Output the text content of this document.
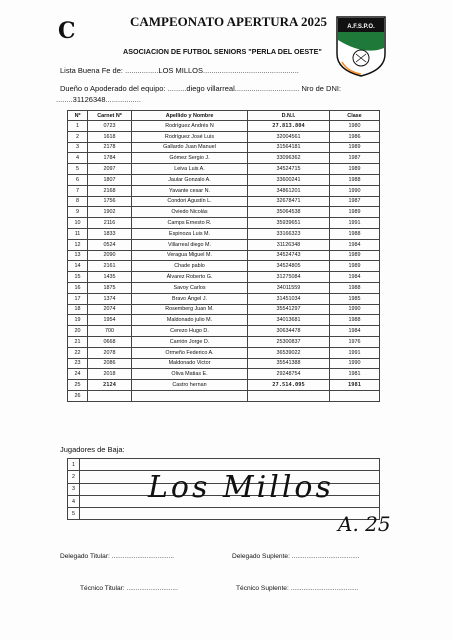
C	CAMPEONATO APERTURA 2025
ASOCIACION DE FUTBOL SENIORS "PERLA DEL OESTE"
A.F.S.P.O.
Lista Buena Fe de: ................LOS MILLOS..............................................
Dueño o Apoderado del equipo: .........diego villarreal............................... Nro de DNI:
........31126348.................
Nº	Carnet Nº	Apellido y Nombre	D.N.I.	Clase
1	0723	Rodríguez Andrés N	27.813.804	1980
2	1618	Rodríguez José Luis	32004561	1986
3	2178	Gallardo Juan Manuel	31564181	1989
4	1784	Gómez Sergio J.	33096362	1987
5	2097	Leiva Luis A.	34524715	1989
6	1807	Jaular Gonzalo A.	33600241	1988
7	2168	Yavante cesar N.	34861201	1990
8	1756	Condori Agustín L.	32678471	1987
9	1902	Oviedo Nicolás	35064538	1989
10	2116	Camps Ernesto R.	35939651	1991
11	1833	Espinoza Luis M.	33166323	1988
12	0524	Villarreal diego M.	31126348	1984
13	2090	Veragua Miguel M.	34524743	1989
14	2161	Chade pablo	34524805	1989
15	1435	Álvarez Roberto G.	31275084	1984
16	1875	Savoy Carlos	34011559	1988
17	1374	Bravo Ángel J.	31451034	1985
18	2074	Rosemberg Juan M.	35541297	1990
19	1954	Maldonado julio M.	34013681	1988
20	700	Cerezo Hugo D.	30634478	1984
21	0668	Carrión Jorge D.	25300837	1976
22	2078	Ormeño Federico A.	36539022	1991
23	2086	Maldonado Victor	35541388	1990
24	2018	Oliva Matias E.	29248754	1981
25	2124	Castro hernan	27.514.095	1981
26				
Jugadores de Baja:
1	
2	
3	
4	
5	
Los Millos
A. 25
Delegado Titular: ..................................	Delegado Suplente: .....................................
Técnico Titular: ............................	Técnico Suplente: .....................................
